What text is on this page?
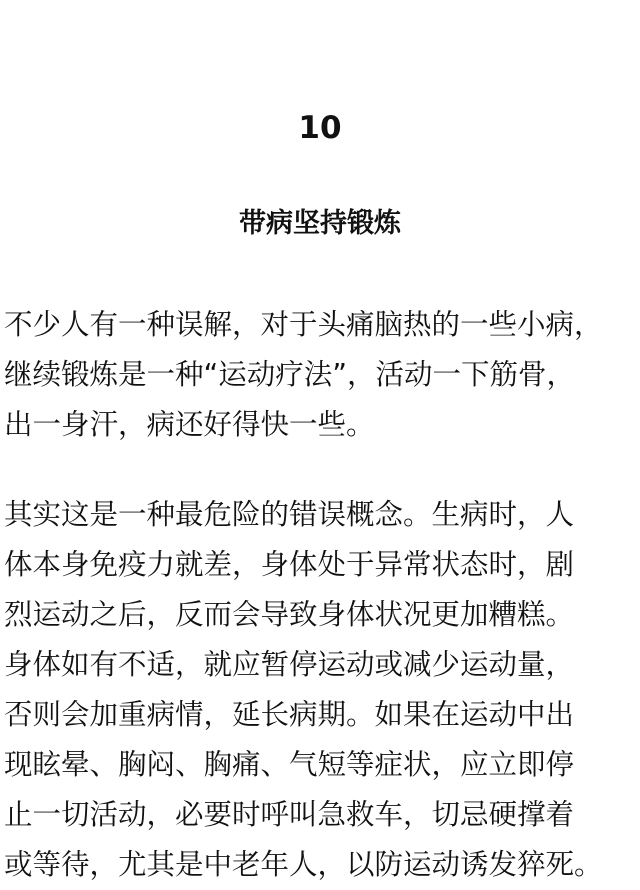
10
带病坚持锻炼
不少人有一种误解，对于头痛脑热的一些小病，
继续锻炼是一种“运动疗法”，活动一下筋骨，
出一身汗，病还好得快一些。
其实这是一种最危险的错误概念。生病时，人
体本身免疫力就差，身体处于异常状态时，剧
烈运动之后，反而会导致身体状况更加糟糕。
身体如有不适，就应暂停运动或减少运动量，
否则会加重病情，延长病期。如果在运动中出
现眩晕、胸闷、胸痛、气短等症状，应立即停
止一切活动，必要时呼叫急救车，切忌硬撑着
或等待，尤其是中老年人，以防运动诱发猝死。
